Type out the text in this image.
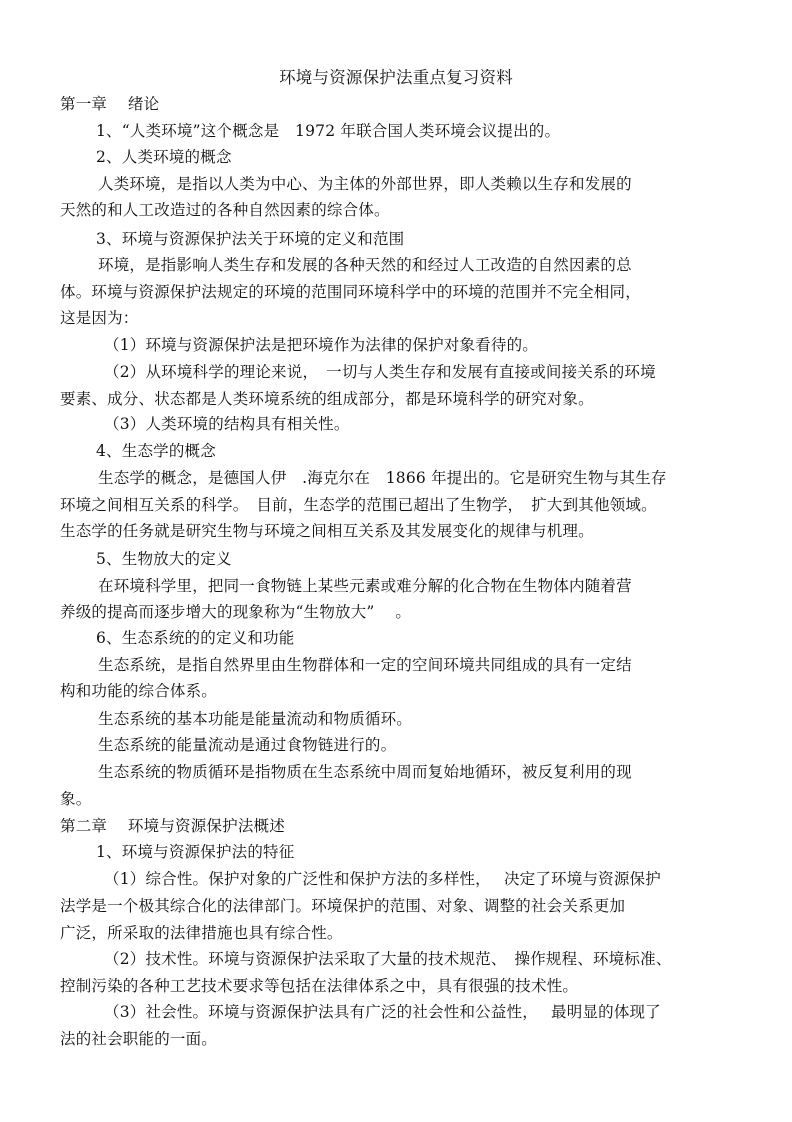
环境与资源保护法重点复习资料
第一章　 绪论
1、“人类环境”这个概念是　1972 年联合国人类环境会议提出的。
2、人类环境的概念
人类环境，是指以人类为中心、为主体的外部世界，即人类赖以生存和发展的
天然的和人工改造过的各种自然因素的综合体。
3、环境与资源保护法关于环境的定义和范围
环境，是指影响人类生存和发展的各种天然的和经过人工改造的自然因素的总
体。环境与资源保护法规定的环境的范围同环境科学中的环境的范围并不完全相同，
这是因为：
（1）环境与资源保护法是把环境作为法律的保护对象看待的。
（2）从环境科学的理论来说，　一切与人类生存和发展有直接或间接关系的环境
要素、成分、状态都是人类环境系统的组成部分，都是环境科学的研究对象。
（3）人类环境的结构具有相关性。
4、生态学的概念
生态学的概念，是德国人伊　.海克尔在　1866 年提出的。它是研究生物与其生存
环境之间相互关系的科学。　目前，生态学的范围已超出了生物学，　扩大到其他领域。
生态学的任务就是研究生物与环境之间相互关系及其发展变化的规律与机理。
5、生物放大的定义
在环境科学里，把同一食物链上某些元素或难分解的化合物在生物体内随着营
养级的提高而逐步增大的现象称为“生物放大”　 。
6、生态系统的的定义和功能
生态系统，是指自然界里由生物群体和一定的空间环境共同组成的具有一定结
构和功能的综合体系。
生态系统的基本功能是能量流动和物质循环。
生态系统的能量流动是通过食物链进行的。
生态系统的物质循环是指物质在生态系统中周而复始地循环，被反复利用的现
象。
第二章　 环境与资源保护法概述
1、环境与资源保护法的特征
（1）综合性。保护对象的广泛性和保护方法的多样性，　 决定了环境与资源保护
法学是一个极其综合化的法律部门。环境保护的范围、对象、调整的社会关系更加
广泛，所采取的法律措施也具有综合性。
（2）技术性。环境与资源保护法采取了大量的技术规范、　操作规程、环境标准、
控制污染的各种工艺技术要求等包括在法律体系之中，具有很强的技术性。
（3）社会性。环境与资源保护法具有广泛的社会性和公益性，　 最明显的体现了
法的社会职能的一面。
